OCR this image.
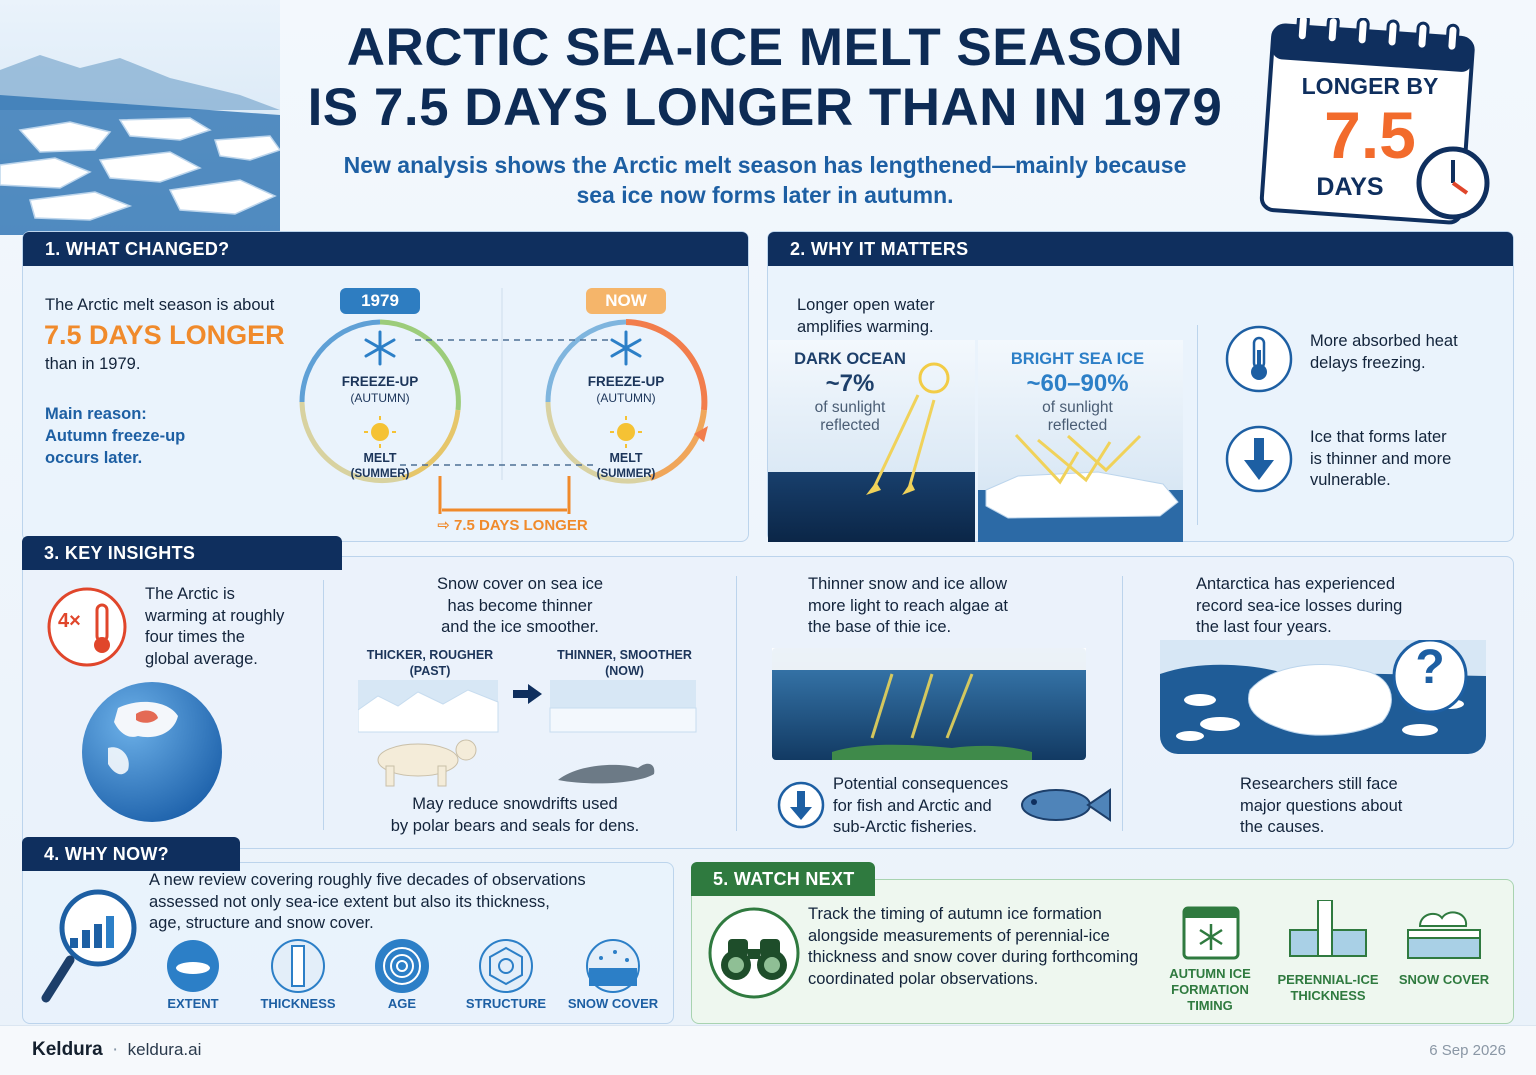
ARCTIC SEA-ICE MELT SEASON
IS 7.5 DAYS LONGER THAN IN 1979
New analysis shows the Arctic melt season has lengthened—mainly because
sea ice now forms later in autumn.
LONGER BY
7.5
DAYS
1. WHAT CHANGED?
The Arctic melt season is about
7.5 DAYS LONGER
than in 1979.
Main reason:
Autumn freeze-up
occurs later.
1979	NOW
FREEZE-UP
(AUTUMN)
MELT
(SUMMER)
FREEZE-UP
(AUTUMN)
MELT
(SUMMER)
⇨ 7.5 DAYS LONGER
2. WHY IT MATTERS
Longer open water
amplifies warming.
DARK OCEAN
~7%
of sunlight
reflected
BRIGHT SEA ICE
~60–90%
of sunlight
reflected
More absorbed heat
delays freezing.
Ice that forms later
is thinner and more
vulnerable.
3. KEY INSIGHTS
4×
The Arctic is
warming at roughly
four times the
global average.
Snow cover on sea ice
has become thinner
and the ice smoother.
THICKER, ROUGHER
(PAST)
THINNER, SMOOTHER
(NOW)
May reduce snowdrifts used
by polar bears and seals for dens.
Thinner snow and ice allow
more light to reach algae at
the base of thie ice.
Potential consequences
for fish and Arctic and
sub-Arctic fisheries.
Antarctica has experienced
record sea-ice losses during
the last four years.
?
Researchers still face
major questions about
the causes.
4. WHY NOW?
A new review covering roughly five decades of observations
assessed not only sea-ice extent but also its thickness,
age, structure and snow cover.
EXTENT	THICKNESS	AGE	STRUCTURE	SNOW COVER
5. WATCH NEXT
Track the timing of autumn ice formation
alongside measurements of perennial-ice
thickness and snow cover during forthcoming
coordinated polar observations.	AUTUMN ICE
FORMATION
TIMING
PERENNIAL-ICE
THICKNESS
SNOW COVER
Keldura · keldura.ai	6 Sep 2026
